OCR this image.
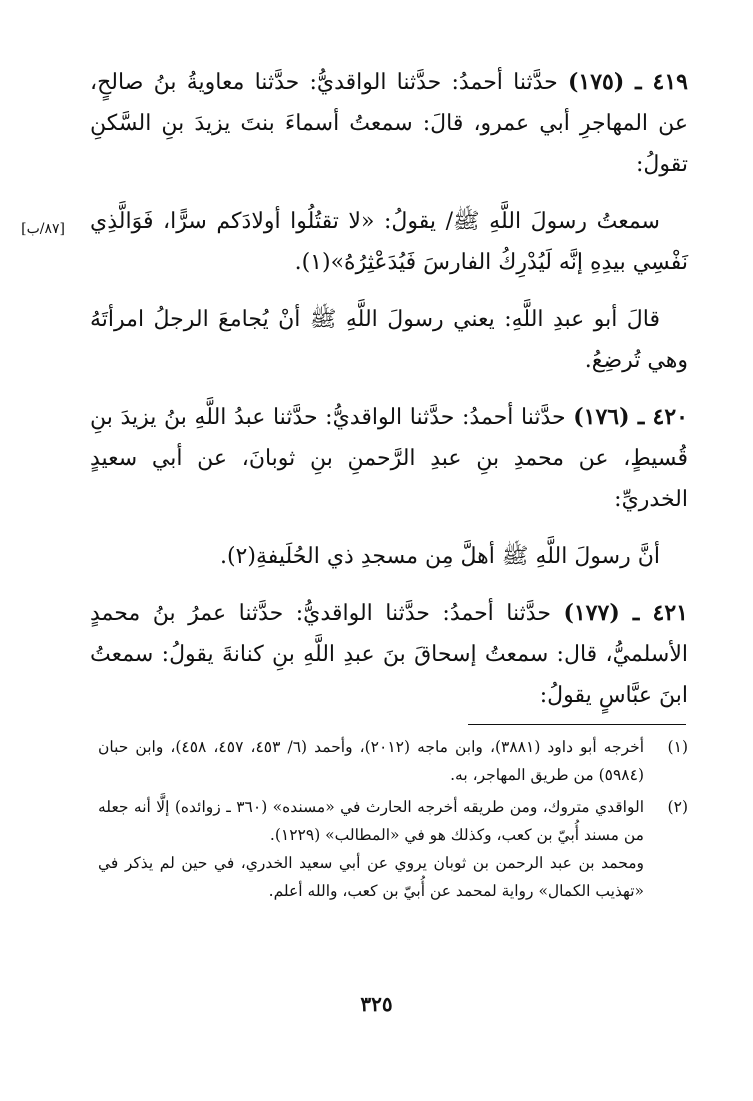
٤١٩ ـ (١٧٥) حدَّثنا أحمدُ: حدَّثنا الواقديُّ: حدَّثنا معاويةُ بنُ صالحٍ، عن المهاجرِ أبي عمرو، قالَ: سمعتُ أسماءَ بنتَ يزيدَ بنِ السَّكنِ تقولُ:

سمعتُ رسولَ اللَّهِ ﷺ/ يقولُ: «لا تقتُلُوا أولادَكم سرًّا، فَوَالَّذِي نَفْسِي بيدِهِ إنَّه لَيُدْرِكُ الفارسَ فَيُدَعْثِرُهُ»(١).

قالَ أبو عبدِ اللَّهِ: يعني رسولَ اللَّهِ ﷺ أنْ يُجامعَ الرجلُ امرأتَهُ وهي تُرضِعُ.

٤٢٠ ـ (١٧٦) حدَّثنا أحمدُ: حدَّثنا الواقديُّ: حدَّثنا عبدُ اللَّهِ بنُ يزيدَ بنِ قُسيطٍ، عن محمدِ بنِ عبدِ الرَّحمنِ بنِ ثوبانَ، عن أبي سعيدٍ الخدريِّ:

أنَّ رسولَ اللَّهِ ﷺ أهلَّ مِن مسجدِ ذي الحُلَيفةِ(٢).

٤٢١ ـ (١٧٧) حدَّثنا أحمدُ: حدَّثنا الواقديُّ: حدَّثنا عمرُ بنُ محمدٍ الأسلميُّ، قال: سمعتُ إسحاقَ بنَ عبدِ اللَّهِ بنِ كنانةَ يقولُ: سمعتُ ابنَ عبَّاسٍ يقولُ:

[٨٧/ب]
(١)

أخرجه أبو داود (٣٨٨١)، وابن ماجه (٢٠١٢)، وأحمد (٦/ ٤٥٣، ٤٥٧، ٤٥٨)، وابن حبان (٥٩٨٤) من طريق المهاجر، به.

(٢)

الواقدي متروك، ومن طريقه أخرجه الحارث في «مسنده» (٣٦٠ ـ زوائده) إلَّا أنه جعله من مسند أُبيّ بن كعب، وكذلك هو في «المطالب» (١٢٢٩).

ومحمد بن عبد الرحمن بن ثوبان يروي عن أبي سعيد الخدري، في حين لم يذكر في «تهذيب الكمال» رواية لمحمد عن أُبيّ بن كعب، والله أعلم.

٣٢٥
